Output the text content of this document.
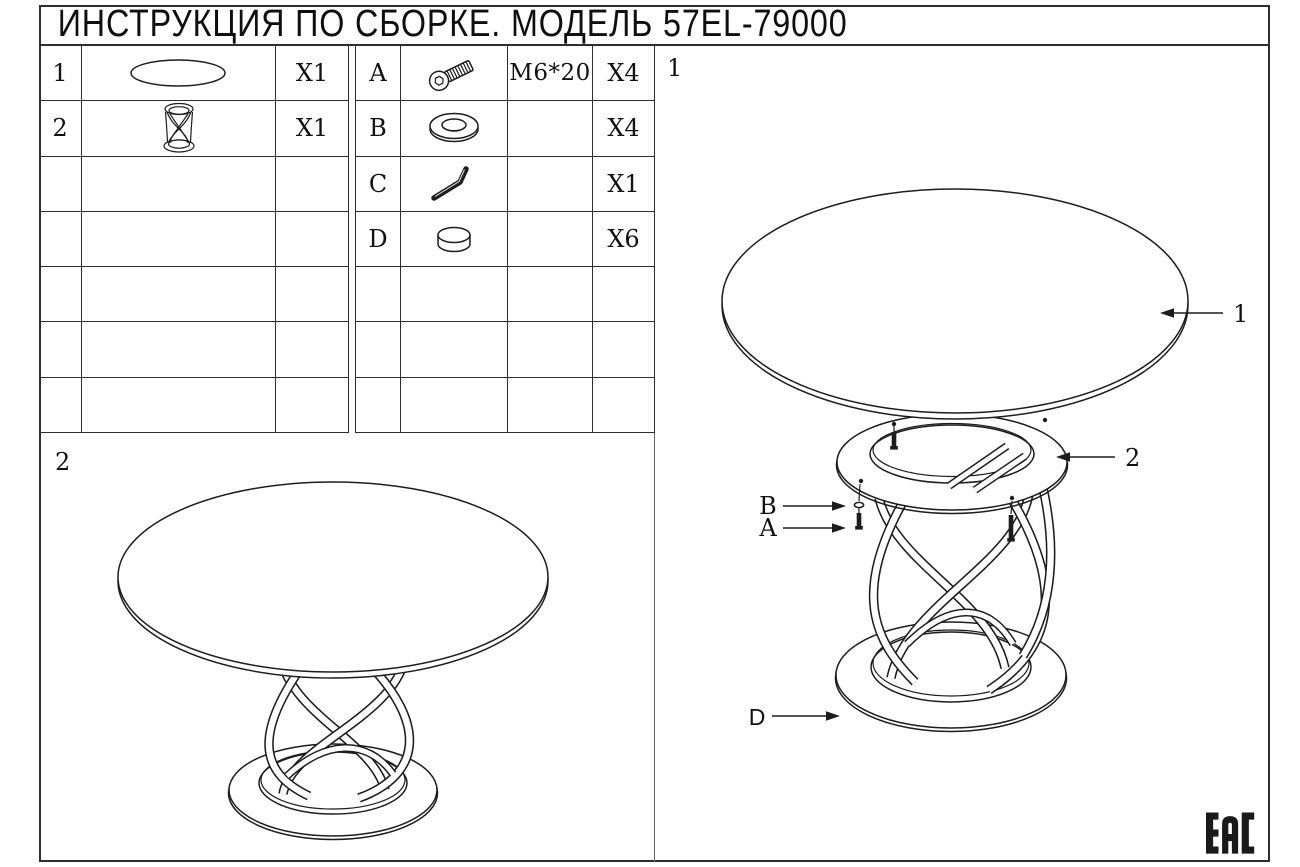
ИНСТРУКЦИЯ ПО СБОРКЕ. МОДЕЛЬ 57EL-79000
1	X1
2	X1
A	M6*20 X4
B	X4
C	X1
D	X6
2
1
1
2
B
A
D
